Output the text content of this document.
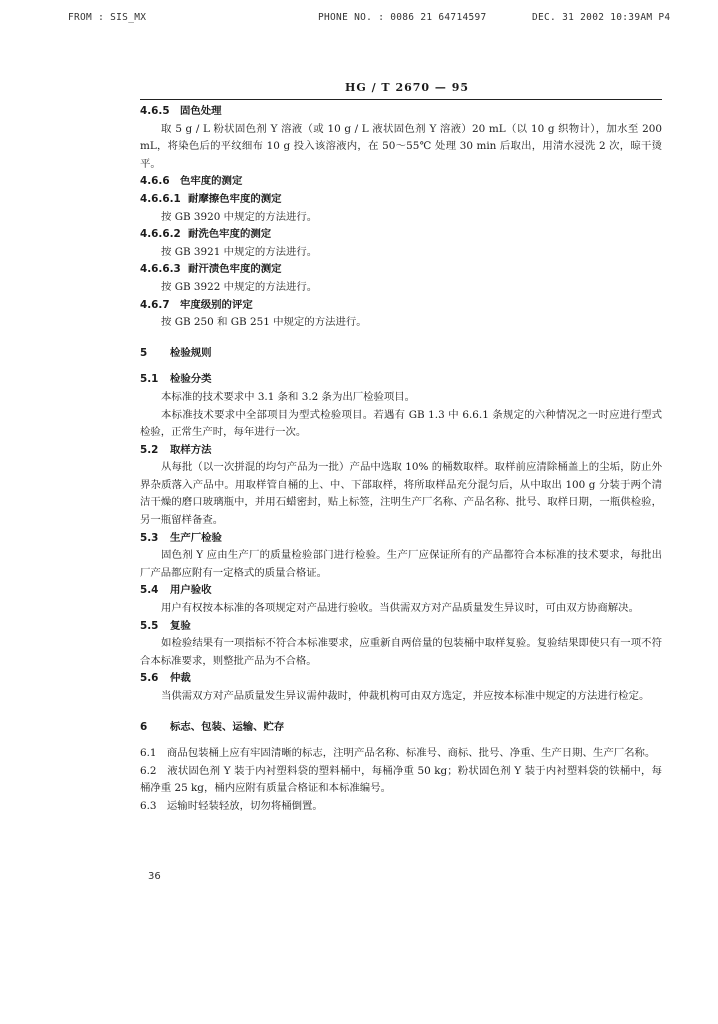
FROM : SIS_MX	PHONE NO. : 0086 21 64714597	DEC. 31 2002 10:39AM P4
HG / T 2670 — 95
4.6.5 固色处理
取 5 g / L 粉状固色剂 Y 溶液（或 10 g / L 液状固色剂 Y 溶液）20 mL（以 10 g 织物计），加水至 200 mL，将染色后的平纹细布 10 g 投入该溶液内，在 50～55℃ 处理 30 min 后取出，用清水浸洗 2 次，晾干烫平。
4.6.6 色牢度的测定
4.6.6.1 耐摩擦色牢度的测定
按 GB 3920 中规定的方法进行。
4.6.6.2 耐洗色牢度的测定
按 GB 3921 中规定的方法进行。
4.6.6.3 耐汗渍色牢度的测定
按 GB 3922 中规定的方法进行。
4.6.7 牢度级别的评定
按 GB 250 和 GB 251 中规定的方法进行。
5 检验规则
5.1 检验分类
本标准的技术要求中 3.1 条和 3.2 条为出厂检验项目。
本标准技术要求中全部项目为型式检验项目。若遇有 GB 1.3 中 6.6.1 条规定的六种情况之一时应进行型式检验，正常生产时，每年进行一次。
5.2 取样方法
从每批（以一次拼混的均匀产品为一批）产品中选取 10% 的桶数取样。取样前应清除桶盖上的尘垢，防止外界杂质落入产品中。用取样管自桶的上、中、下部取样，将所取样品充分混匀后，从中取出 100 g 分装于两个清洁干燥的磨口玻璃瓶中，并用石蜡密封，贴上标签，注明生产厂名称、产品名称、批号、取样日期，一瓶供检验，另一瓶留样备查。
5.3 生产厂检验
固色剂 Y 应由生产厂的质量检验部门进行检验。生产厂应保证所有的产品都符合本标准的技术要求，每批出厂产品都应附有一定格式的质量合格证。
5.4 用户验收
用户有权按本标准的各项规定对产品进行验收。当供需双方对产品质量发生异议时，可由双方协商解决。
5.5 复验
如检验结果有一项指标不符合本标准要求，应重新自两倍量的包装桶中取样复验。复验结果即使只有一项不符合本标准要求，则整批产品为不合格。
5.6 仲裁
当供需双方对产品质量发生异议需仲裁时，仲裁机构可由双方选定，并应按本标准中规定的方法进行检定。
6 标志、包装、运输、贮存
6.1　商品包装桶上应有牢固清晰的标志，注明产品名称、标准号、商标、批号、净重、生产日期、生产厂名称。
6.2　液状固色剂 Y 装于内衬塑料袋的塑料桶中，每桶净重 50 kg；粉状固色剂 Y 装于内衬塑料袋的铁桶中，每桶净重 25 kg，桶内应附有质量合格证和本标准编号。
6.3　运输时轻装轻放，切勿将桶倒置。
36
